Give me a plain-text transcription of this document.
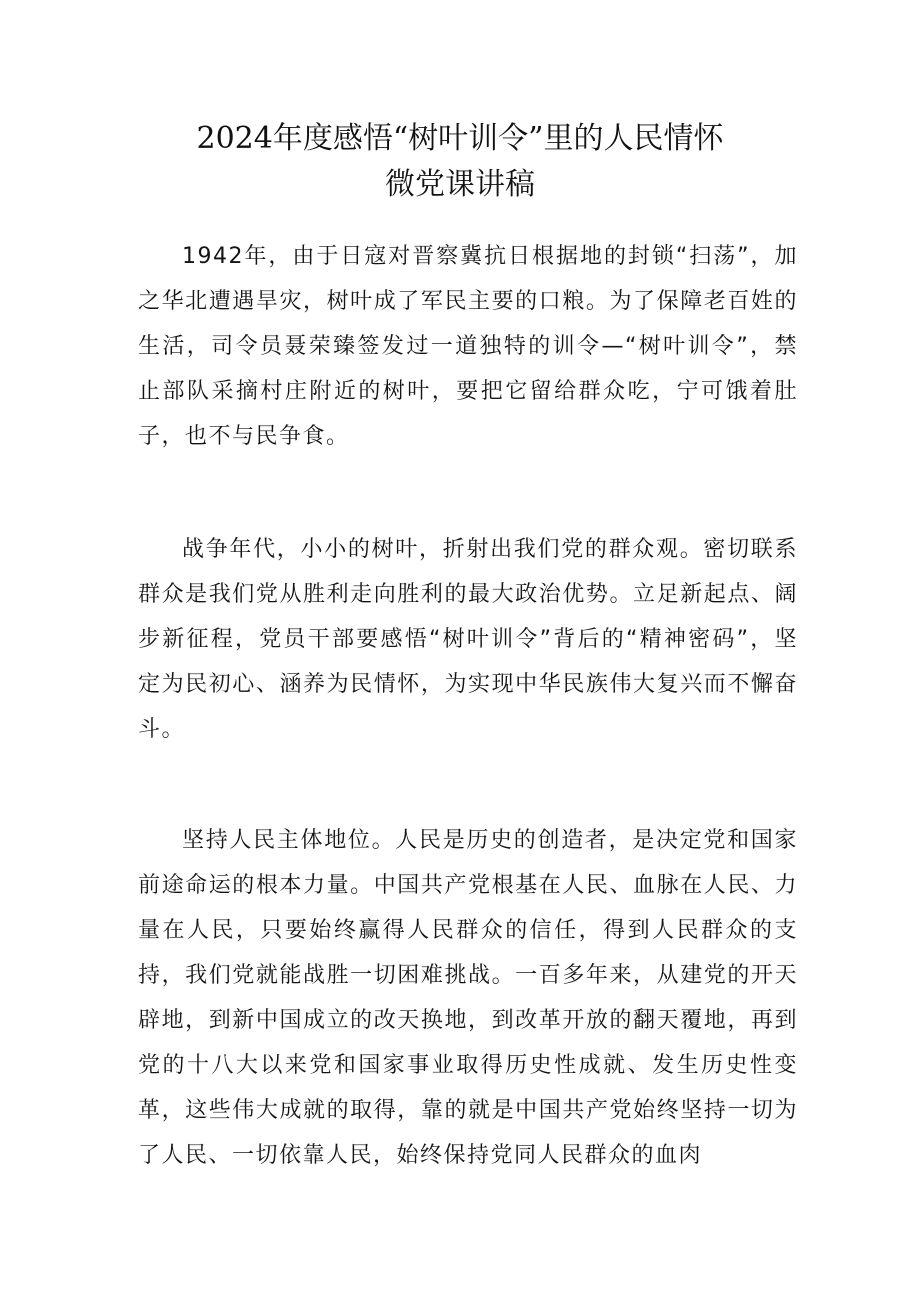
2024年度感悟“树叶训令”里的人民情怀
微党课讲稿

1942年，由于日寇对晋察冀抗日根据地的封锁“扫荡”，加之华北遭遇旱灾，树叶成了军民主要的口粮。为了保障老百姓的生活，司令员聂荣臻签发过一道独特的训令—“树叶训令”，禁止部队采摘村庄附近的树叶，要把它留给群众吃，宁可饿着肚子，也不与民争食。

战争年代，小小的树叶，折射出我们党的群众观。密切联系群众是我们党从胜利走向胜利的最大政治优势。立足新起点、阔步新征程，党员干部要感悟“树叶训令”背后的“精神密码”，坚定为民初心、涵养为民情怀，为实现中华民族伟大复兴而不懈奋斗。

坚持人民主体地位。人民是历史的创造者，是决定党和国家前途命运的根本力量。中国共产党根基在人民、血脉在人民、力量在人民，只要始终赢得人民群众的信任，得到人民群众的支持，我们党就能战胜一切困难挑战。一百多年来，从建党的开天辟地，到新中国成立的改天换地，到改革开放的翻天覆地，再到党的十八大以来党和国家事业取得历史性成就、发生历史性变革，这些伟大成就的取得，靠的就是中国共产党始终坚持一切为了人民、一切依靠人民，始终保持党同人民群众的血肉
